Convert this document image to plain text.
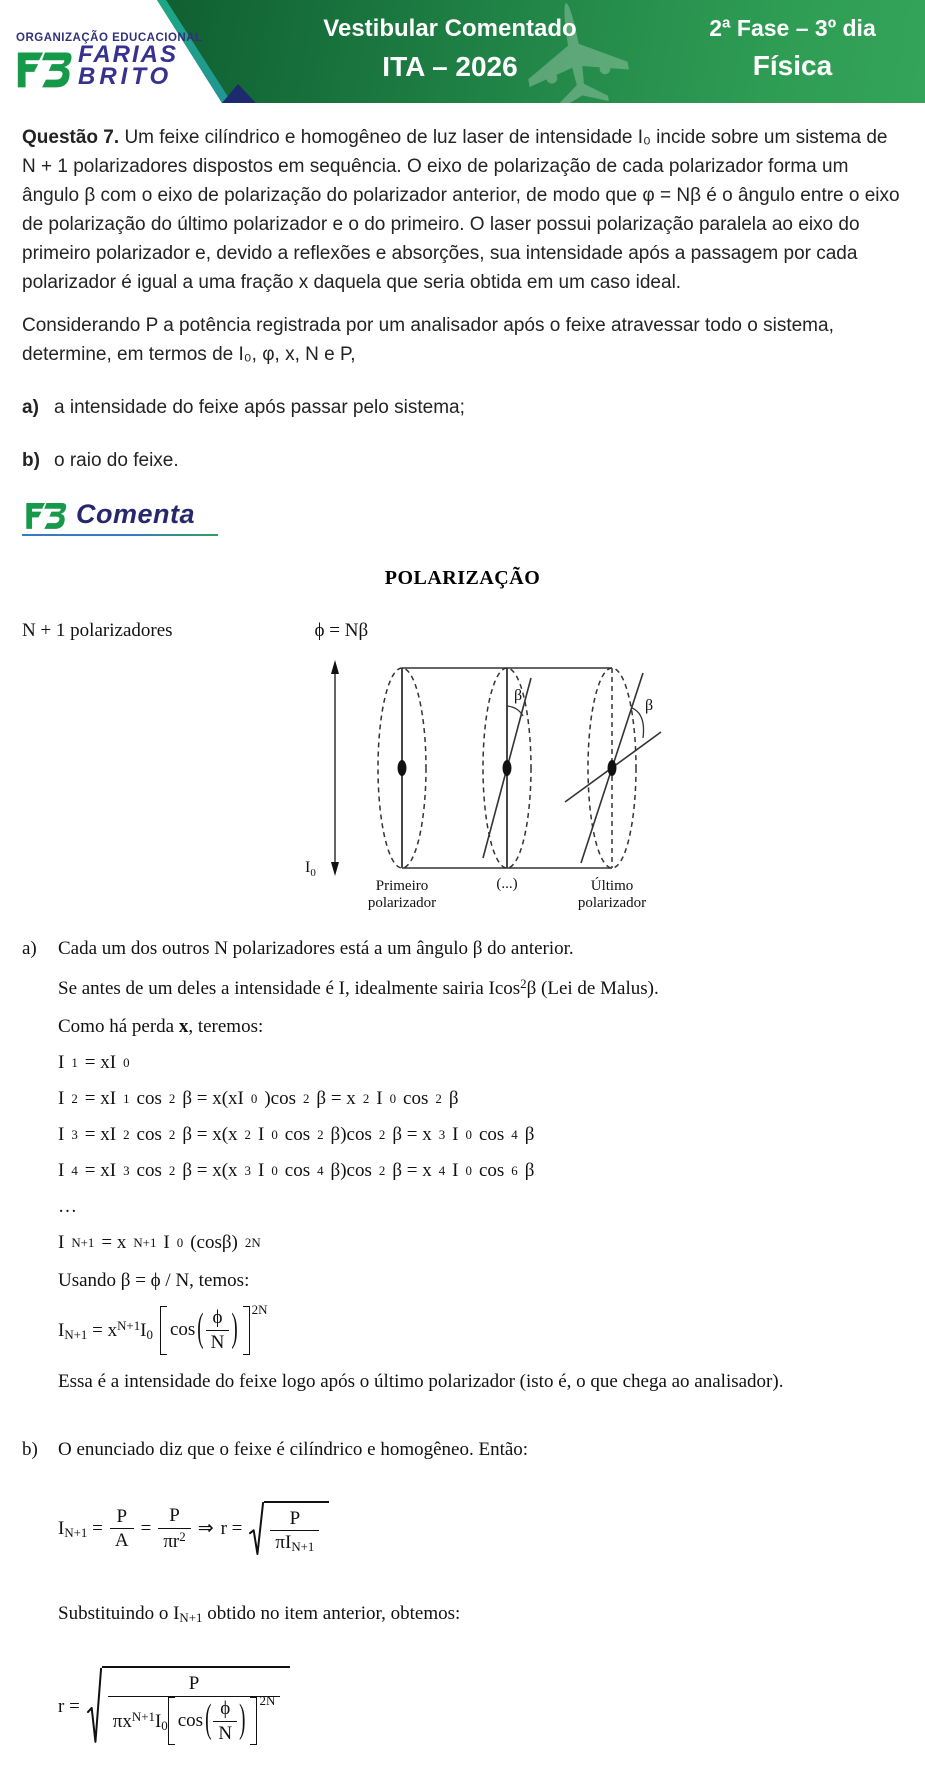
ORGANIZAÇÃO EDUCACIONAL
FARIAS
BRITO
Vestibular Comentado
ITA – 2026
2ª Fase – 3º dia
Física

Questão 7. Um feixe cilíndrico e homogêneo de luz laser de intensidade I₀ incide sobre um sistema de N + 1 polarizadores dispostos em sequência. O eixo de polarização de cada polarizador forma um ângulo β com o eixo de polarização do polarizador anterior, de modo que φ = Nβ é o ângulo entre o eixo de polarização do último polarizador e o do primeiro. O laser possui polarização paralela ao eixo do primeiro polarizador e, devido a reflexões e absorções, sua intensidade após a passagem por cada polarizador é igual a uma fração x daquela que seria obtida em um caso ideal.

Considerando P a potência registrada por um analisador após o feixe atravessar todo o sistema, determine, em termos de I₀, φ, x, N e P,

a) a intensidade do feixe após passar pelo sistema;
b) o raio do feixe.
Comenta
POLARIZAÇÃO
N + 1 polarizadores	ϕ = Nβ
$I_0$
β
β
Primeiro
polarizador
(...)	Último
polarizador
a)	Cada um dos outros N polarizadores está a um ângulo β do anterior.
Se antes de um deles a intensidade é I, idealmente sairia Icos$^2$β (Lei de Malus).
Como há perda x, teremos:
I 1 = xI 0
I 2 = xI 1 cos 2 β = x(xI 0 )cos 2 β = x 2 I 0 cos 2 β
I 3 = xI 2 cos 2 β = x(x 2 I 0 cos 2 β)cos 2 β = x 3 I 0 cos 4 β
I 4 = xI 3 cos 2 β = x(x 3 I 0 cos 4 β)cos 2 β = x 4 I 0 cos 6 β
…
I N+1 = x N+1 I 0 (cosβ) 2N
Usando β = ϕ / N, temos:
$I_{N+1} = x^{N+1}I_0$ cos ( $\frac{\phi}{N}$ ) 2N
Essa é a intensidade do feixe logo após o último polarizador (isto é, o que chega ao analisador).
b)	O enunciado diz que o feixe é cilíndrico e homogêneo. Então:
$I_{N+1} = \frac{P}{A} = \frac{P}{\pi r^2}$ ⇒ $r = \frac{P}{\pi I_{N+1}}$
Substituindo o $I_{N+1}$ obtido no item anterior, obtemos:
r =
P
$\pi x^{N+1}I_0$ cos ( $\frac{\phi}{N}$ ) 2N
